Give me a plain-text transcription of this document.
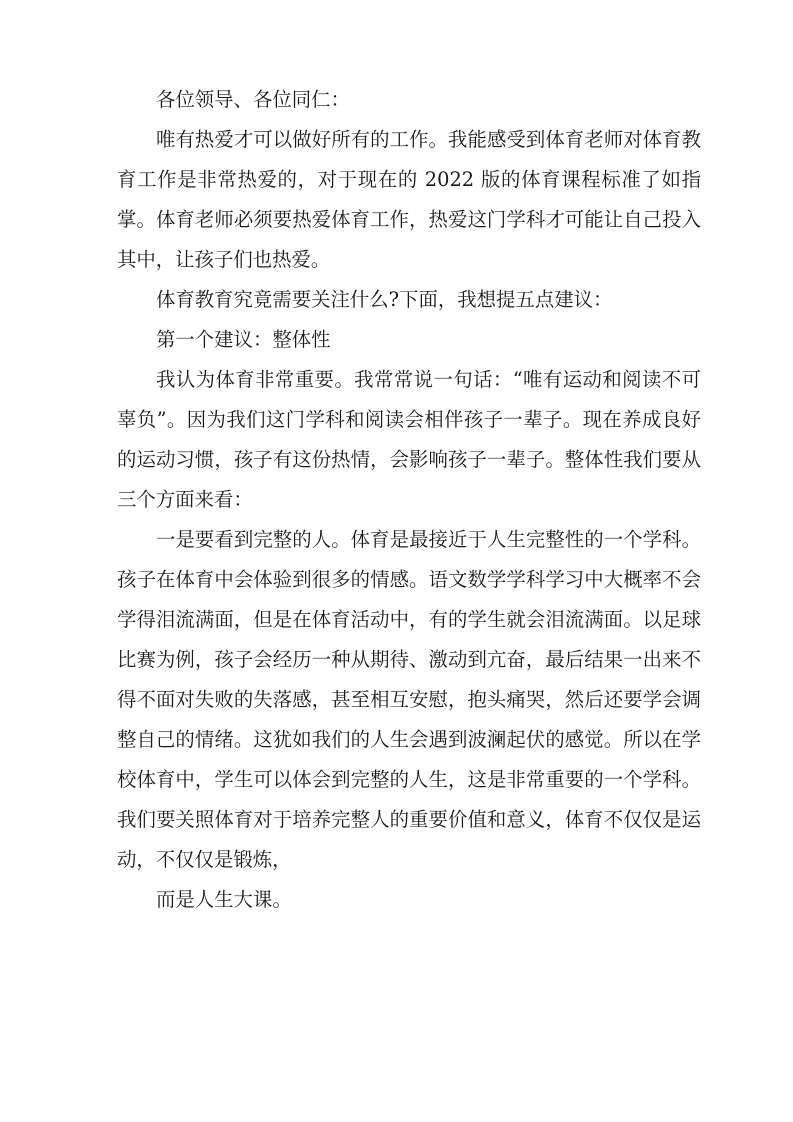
各位领导、各位同仁：

唯有热爱才可以做好所有的工作。我能感受到体育老师对体育教育工作是非常热爱的，对于现在的 2022 版的体育课程标准了如指掌。体育老师必须要热爱体育工作，热爱这门学科才可能让自己投入其中，让孩子们也热爱。

体育教育究竟需要关注什么?下面，我想提五点建议：

第一个建议：整体性

我认为体育非常重要。我常常说一句话：“唯有运动和阅读不可辜负”。因为我们这门学科和阅读会相伴孩子一辈子。现在养成良好的运动习惯，孩子有这份热情，会影响孩子一辈子。整体性我们要从三个方面来看：

一是要看到完整的人。体育是最接近于人生完整性的一个学科。孩子在体育中会体验到很多的情感。语文数学学科学习中大概率不会学得泪流满面，但是在体育活动中，有的学生就会泪流满面。以足球比赛为例，孩子会经历一种从期待、激动到亢奋，最后结果一出来不得不面对失败的失落感，甚至相互安慰，抱头痛哭，然后还要学会调整自己的情绪。这犹如我们的人生会遇到波澜起伏的感觉。所以在学校体育中，学生可以体会到完整的人生，这是非常重要的一个学科。我们要关照体育对于培养完整人的重要价值和意义，体育不仅仅是运动，不仅仅是锻炼，

而是人生大课。
